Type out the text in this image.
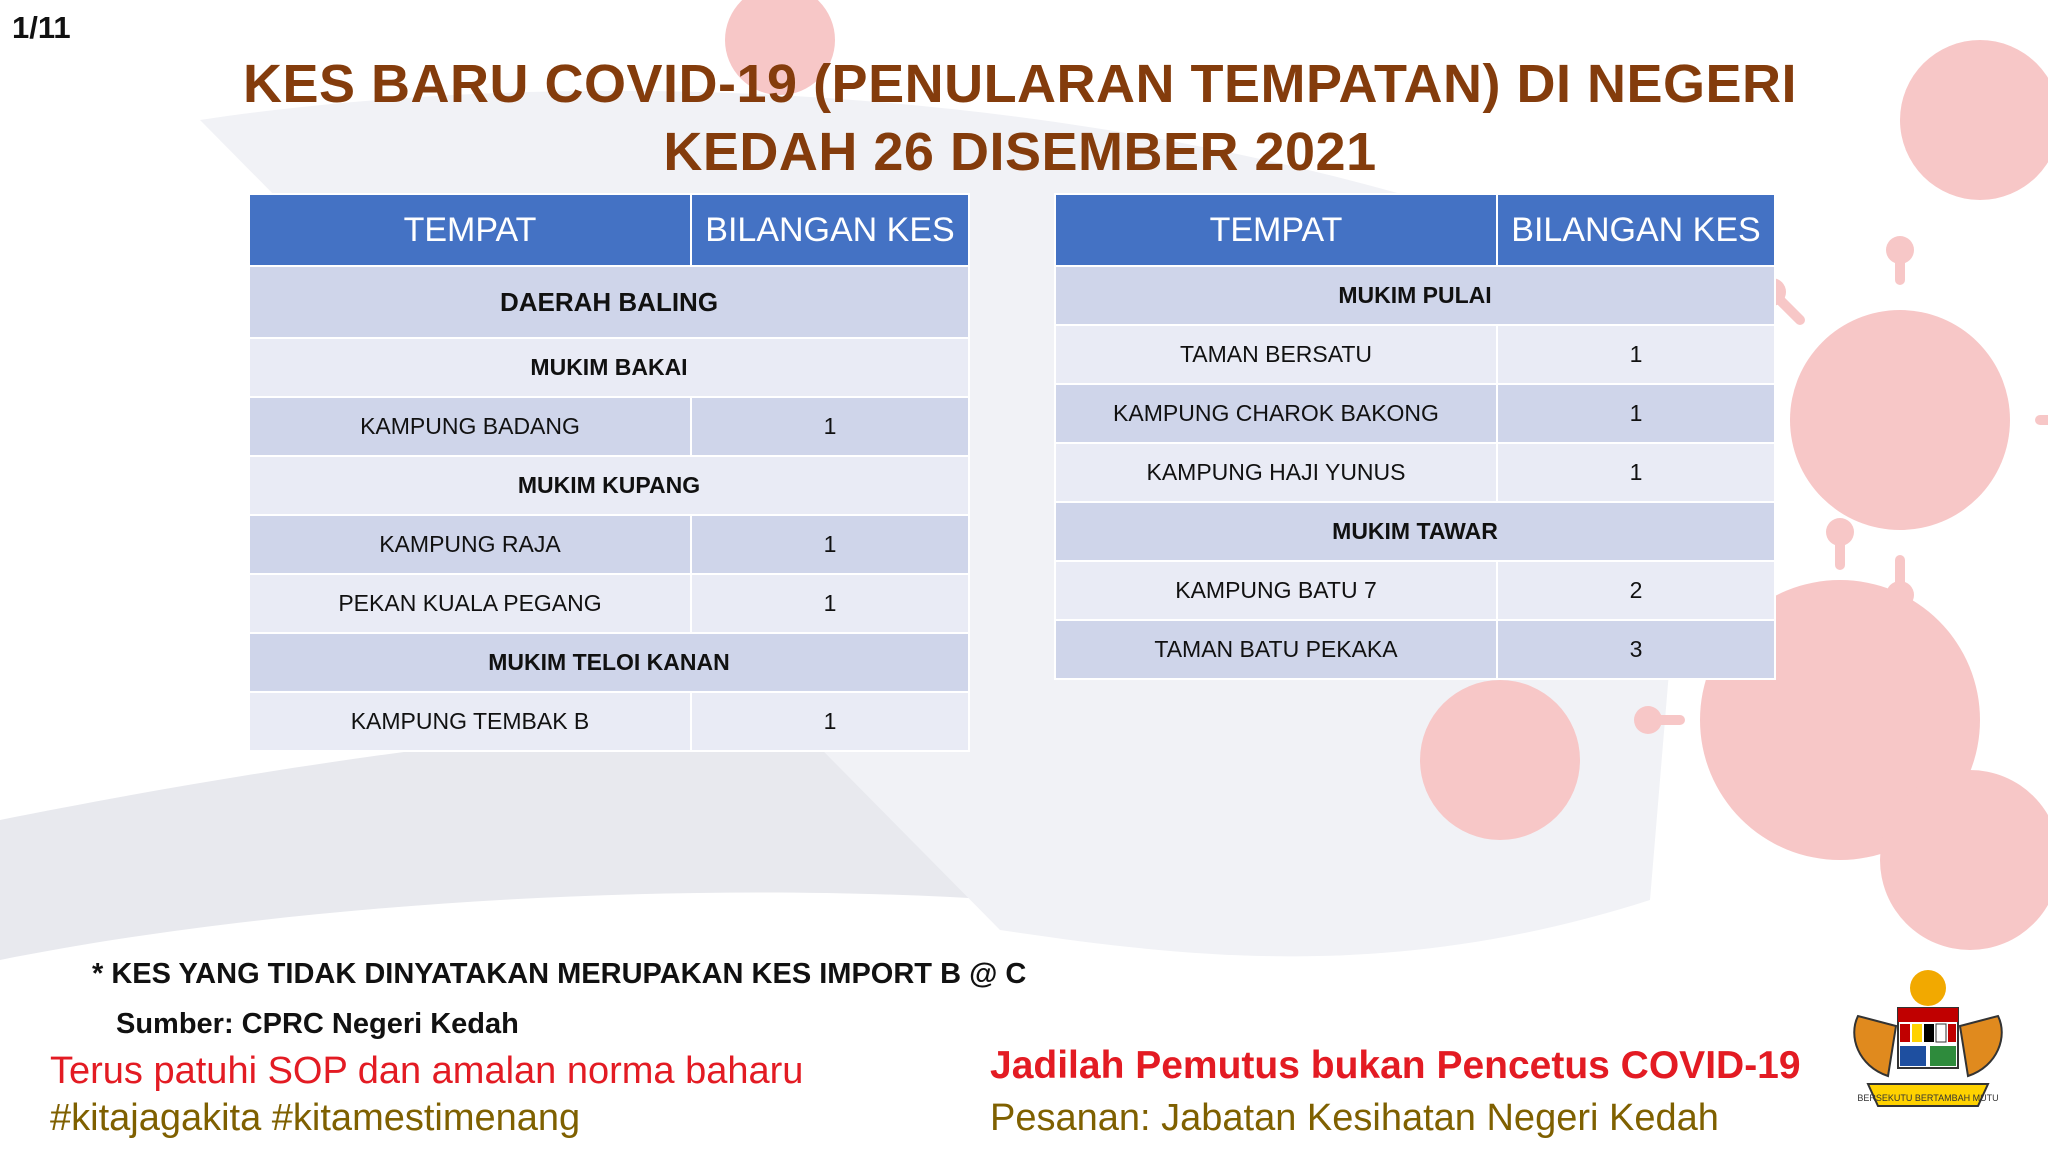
1/11
KES BARU COVID-19 (PENULARAN TEMPATAN) DI NEGERI
KEDAH 26 DISEMBER 2021
TEMPAT	BILANGAN KES
DAERAH BALING	
MUKIM BAKAI	
KAMPUNG BADANG	1
MUKIM KUPANG	
KAMPUNG RAJA	1
PEKAN KUALA PEGANG	1
MUKIM TELOI KANAN	
KAMPUNG TEMBAK B	1
TEMPAT	BILANGAN KES
MUKIM PULAI	
TAMAN BERSATU	1
KAMPUNG CHAROK BAKONG	1
KAMPUNG HAJI YUNUS	1
MUKIM TAWAR	
KAMPUNG BATU 7	2
TAMAN BATU PEKAKA	3
* KES YANG TIDAK DINYATAKAN MERUPAKAN KES IMPORT B @ C
Sumber: CPRC Negeri Kedah
Terus patuhi SOP dan amalan norma baharu
#kitajagakita #kitamestimenang
Jadilah Pemutus bukan Pencetus COVID-19
Pesanan: Jabatan Kesihatan Negeri Kedah	BERSEKUTU BERTAMBAH MUTU
